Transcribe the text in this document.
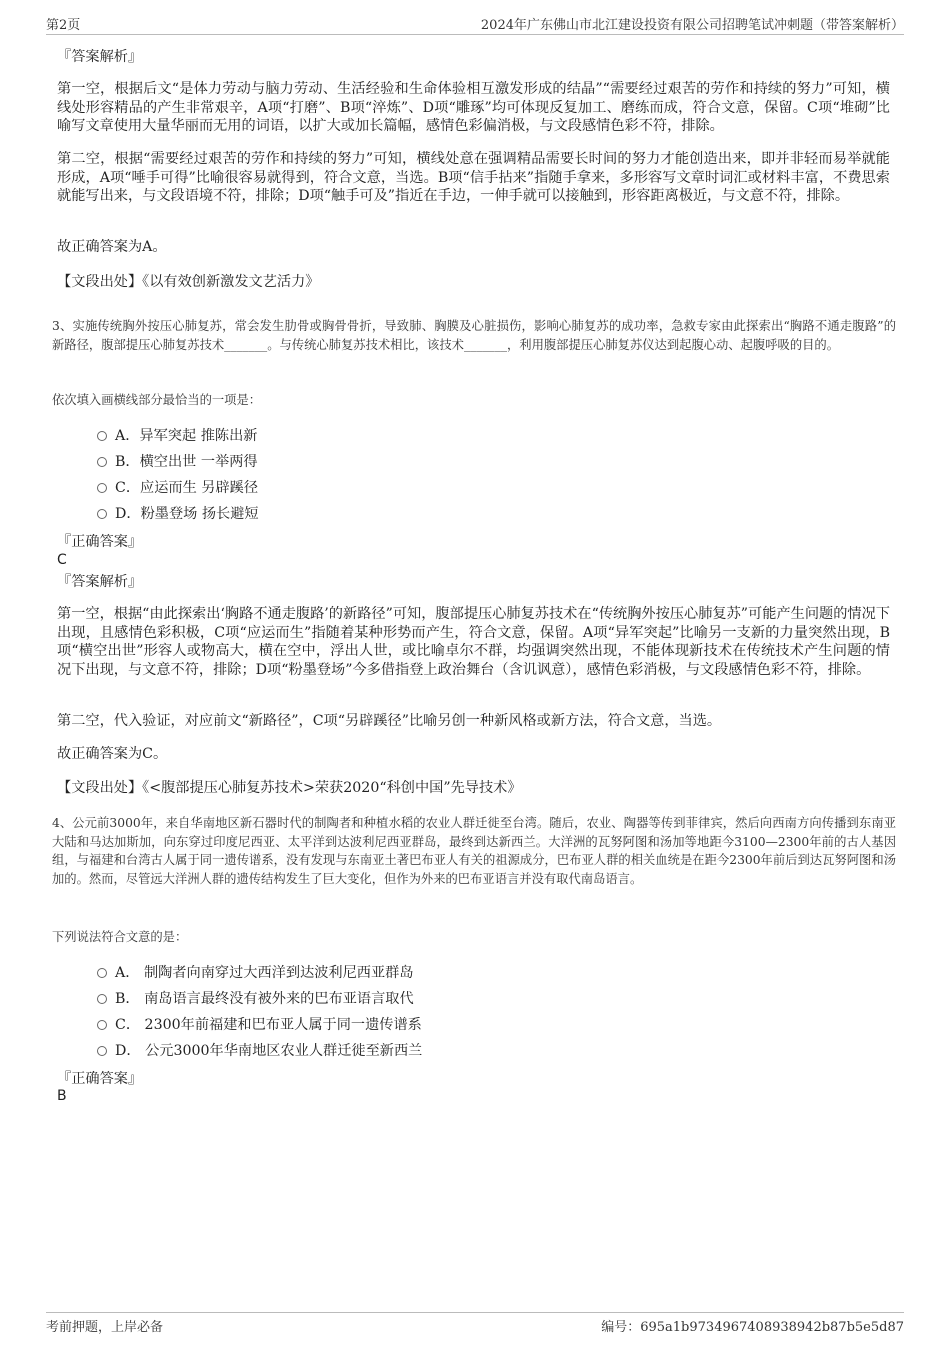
第2页	2024年广东佛山市北江建设投资有限公司招聘笔试冲刺题（带答案解析）
『答案解析』
第一空，根据后文“是体力劳动与脑力劳动、生活经验和生命体验相互激发形成的结晶”“需要经过艰苦的劳作和持续的努力”可知，横线处形容精品的产生非常艰辛，A项“打磨”、B项“淬炼”、D项“雕琢”均可体现反复加工、磨练而成，符合文意，保留。C项“堆砌”比喻写文章使用大量华丽而无用的词语，以扩大或加长篇幅，感情色彩偏消极，与文段感情色彩不符，排除。
第二空，根据“需要经过艰苦的劳作和持续的努力”可知，横线处意在强调精品需要长时间的努力才能创造出来，即并非轻而易举就能形成，A项“唾手可得”比喻很容易就得到，符合文意，当选。B项“信手拈来”指随手拿来，多形容写文章时词汇或材料丰富，不费思索就能写出来，与文段语境不符，排除；D项“触手可及”指近在手边，一伸手就可以接触到，形容距离极近，与文意不符，排除。
故正确答案为A。
【文段出处】《以有效创新激发文艺活力》
3、实施传统胸外按压心肺复苏，常会发生肋骨或胸骨骨折，导致肺、胸膜及心脏损伤，影响心肺复苏的成功率，急救专家由此探索出“胸路不通走腹路”的新路径，腹部提压心肺复苏技术_______。与传统心肺复苏技术相比，该技术_______，利用腹部提压心肺复苏仪达到起腹心动、起腹呼吸的目的。
依次填入画横线部分最恰当的一项是：
A．异军突起 推陈出新
B．横空出世 一举两得
C．应运而生 另辟蹊径
D．粉墨登场 扬长避短
『正确答案』
C
『答案解析』
第一空，根据“由此探索出‘胸路不通走腹路’的新路径”可知，腹部提压心肺复苏技术在“传统胸外按压心肺复苏”可能产生问题的情况下出现，且感情色彩积极，C项“应运而生”指随着某种形势而产生，符合文意，保留。A项“异军突起”比喻另一支新的力量突然出现，B项“横空出世”形容人或物高大，横在空中，浮出人世，或比喻卓尔不群，均强调突然出现，不能体现新技术在传统技术产生问题的情况下出现，与文意不符，排除；D项“粉墨登场”今多借指登上政治舞台（含讥讽意），感情色彩消极，与文段感情色彩不符，排除。
第二空，代入验证，对应前文“新路径”，C项“另辟蹊径”比喻另创一种新风格或新方法，符合文意，当选。
故正确答案为C。
【文段出处】《<腹部提压心肺复苏技术>荣获2020“科创中国”先导技术》
4、公元前3000年，来自华南地区新石器时代的制陶者和种植水稻的农业人群迁徙至台湾。随后，农业、陶器等传到菲律宾，然后向西南方向传播到东南亚大陆和马达加斯加，向东穿过印度尼西亚、太平洋到达波利尼西亚群岛，最终到达新西兰。大洋洲的瓦努阿图和汤加等地距今3100—2300年前的古人基因组，与福建和台湾古人属于同一遗传谱系，没有发现与东南亚土著巴布亚人有关的祖源成分，巴布亚人群的相关血统是在距今2300年前后到达瓦努阿图和汤加的。然而，尽管远大洋洲人群的遗传结构发生了巨大变化，但作为外来的巴布亚语言并没有取代南岛语言。
下列说法符合文意的是：
A． 制陶者向南穿过大西洋到达波利尼西亚群岛
B． 南岛语言最终没有被外来的巴布亚语言取代
C． 2300年前福建和巴布亚人属于同一遗传谱系
D． 公元3000年华南地区农业人群迁徙至新西兰
『正确答案』
B
考前押题，上岸必备	编号：695a1b9734967408938942b87b5e5d87
